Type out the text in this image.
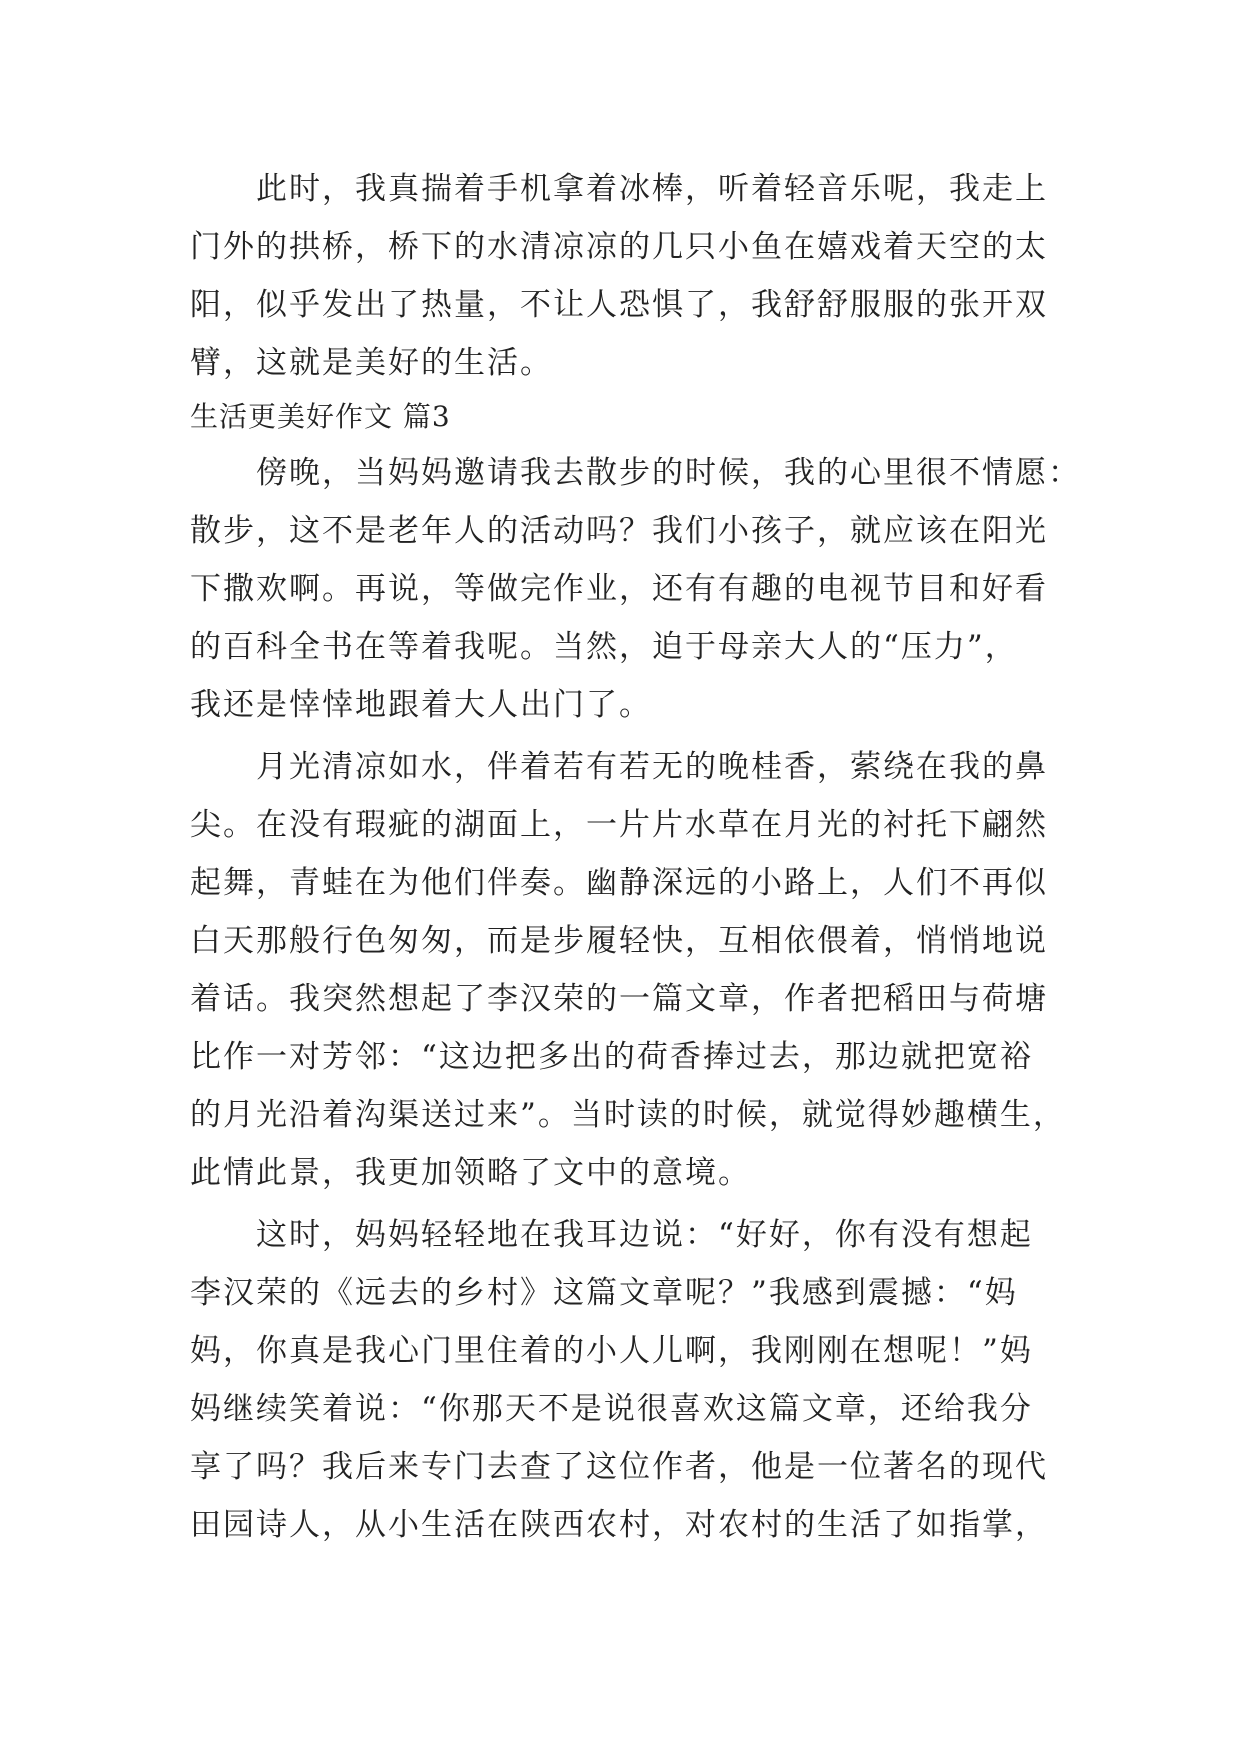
此时，我真揣着手机拿着冰棒，听着轻音乐呢，我走上
门外的拱桥，桥下的水清凉凉的几只小鱼在嬉戏着天空的太
阳，似乎发出了热量，不让人恐惧了，我舒舒服服的张开双
臂，这就是美好的生活。
生活更美好作文 篇3
傍晚，当妈妈邀请我去散步的时候，我的心里很不情愿：
散步，这不是老年人的活动吗？我们小孩子，就应该在阳光
下撒欢啊。再说，等做完作业，还有有趣的电视节目和好看
的百科全书在等着我呢。当然，迫于母亲大人的“压力”，
我还是悻悻地跟着大人出门了。
月光清凉如水，伴着若有若无的晚桂香，萦绕在我的鼻
尖。在没有瑕疵的湖面上，一片片水草在月光的衬托下翩然
起舞，青蛙在为他们伴奏。幽静深远的小路上，人们不再似
白天那般行色匆匆，而是步履轻快，互相依偎着，悄悄地说
着话。我突然想起了李汉荣的一篇文章，作者把稻田与荷塘
比作一对芳邻：“这边把多出的荷香捧过去，那边就把宽裕
的月光沿着沟渠送过来”。当时读的时候，就觉得妙趣横生，
此情此景，我更加领略了文中的意境。
这时，妈妈轻轻地在我耳边说：“好好，你有没有想起
李汉荣的《远去的乡村》这篇文章呢？”我感到震撼：“妈
妈，你真是我心门里住着的小人儿啊，我刚刚在想呢！”妈
妈继续笑着说：“你那天不是说很喜欢这篇文章，还给我分
享了吗？我后来专门去查了这位作者，他是一位著名的现代
田园诗人，从小生活在陕西农村，对农村的生活了如指掌，
